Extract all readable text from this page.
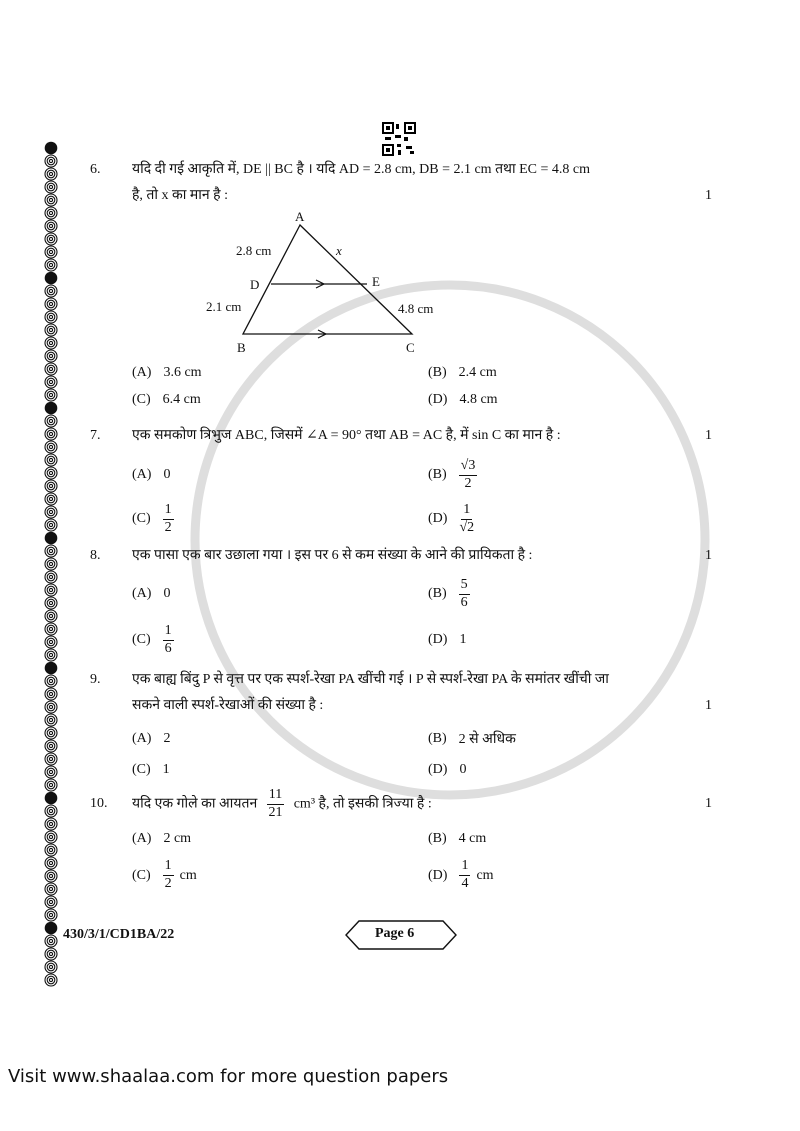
6.	यदि दी गई आकृति में, DE || BC है । यदि AD = 2.8 cm, DB = 2.1 cm तथा EC = 4.8 cm
है, तो x का मान है :	1
A
B	C
D	E
2.8 cm
2.1 cm	4.8 cm
x
(A) 3.6 cm	(B) 2.4 cm
(C) 6.4 cm	(D) 4.8 cm
7.	एक समकोण त्रिभुज ABC, जिसमें ∠A = 90° तथा AB = AC है, में sin C का मान है :	1
(A) 0	$(B) \frac{√3}{2}$
$(C) \frac{1}{2}$	$(D) \frac{1}{√2}$
8.	एक पासा एक बार उछाला गया । इस पर 6 से कम संख्या के आने की प्रायिकता है :	1
(A) 0	$(B) \frac{5}{6}$
$(C) \frac{1}{6}$	(D) 1
9.	एक बाह्य बिंदु P से वृत्त पर एक स्पर्श-रेखा PA खींची गई । P से स्पर्श-रेखा PA के समांतर खींची जा
सकने वाली स्पर्श-रेखाओं की संख्या है :	1
(A) 2	(B) 2 से अधिक
(C) 1	(D) 0
10.	यदि एक गोले का आयतन $\frac{11}{21} cm^3$ है, तो इसकी त्रिज्या है :	1
(A) 2 cm	(B) 4 cm
$(C) \frac{1}{2}$ cm	$(D) \frac{1}{4}$ cm
430/3/1/CD1BA/22	Page 6
Visit www.shaalaa.com for more question papers
